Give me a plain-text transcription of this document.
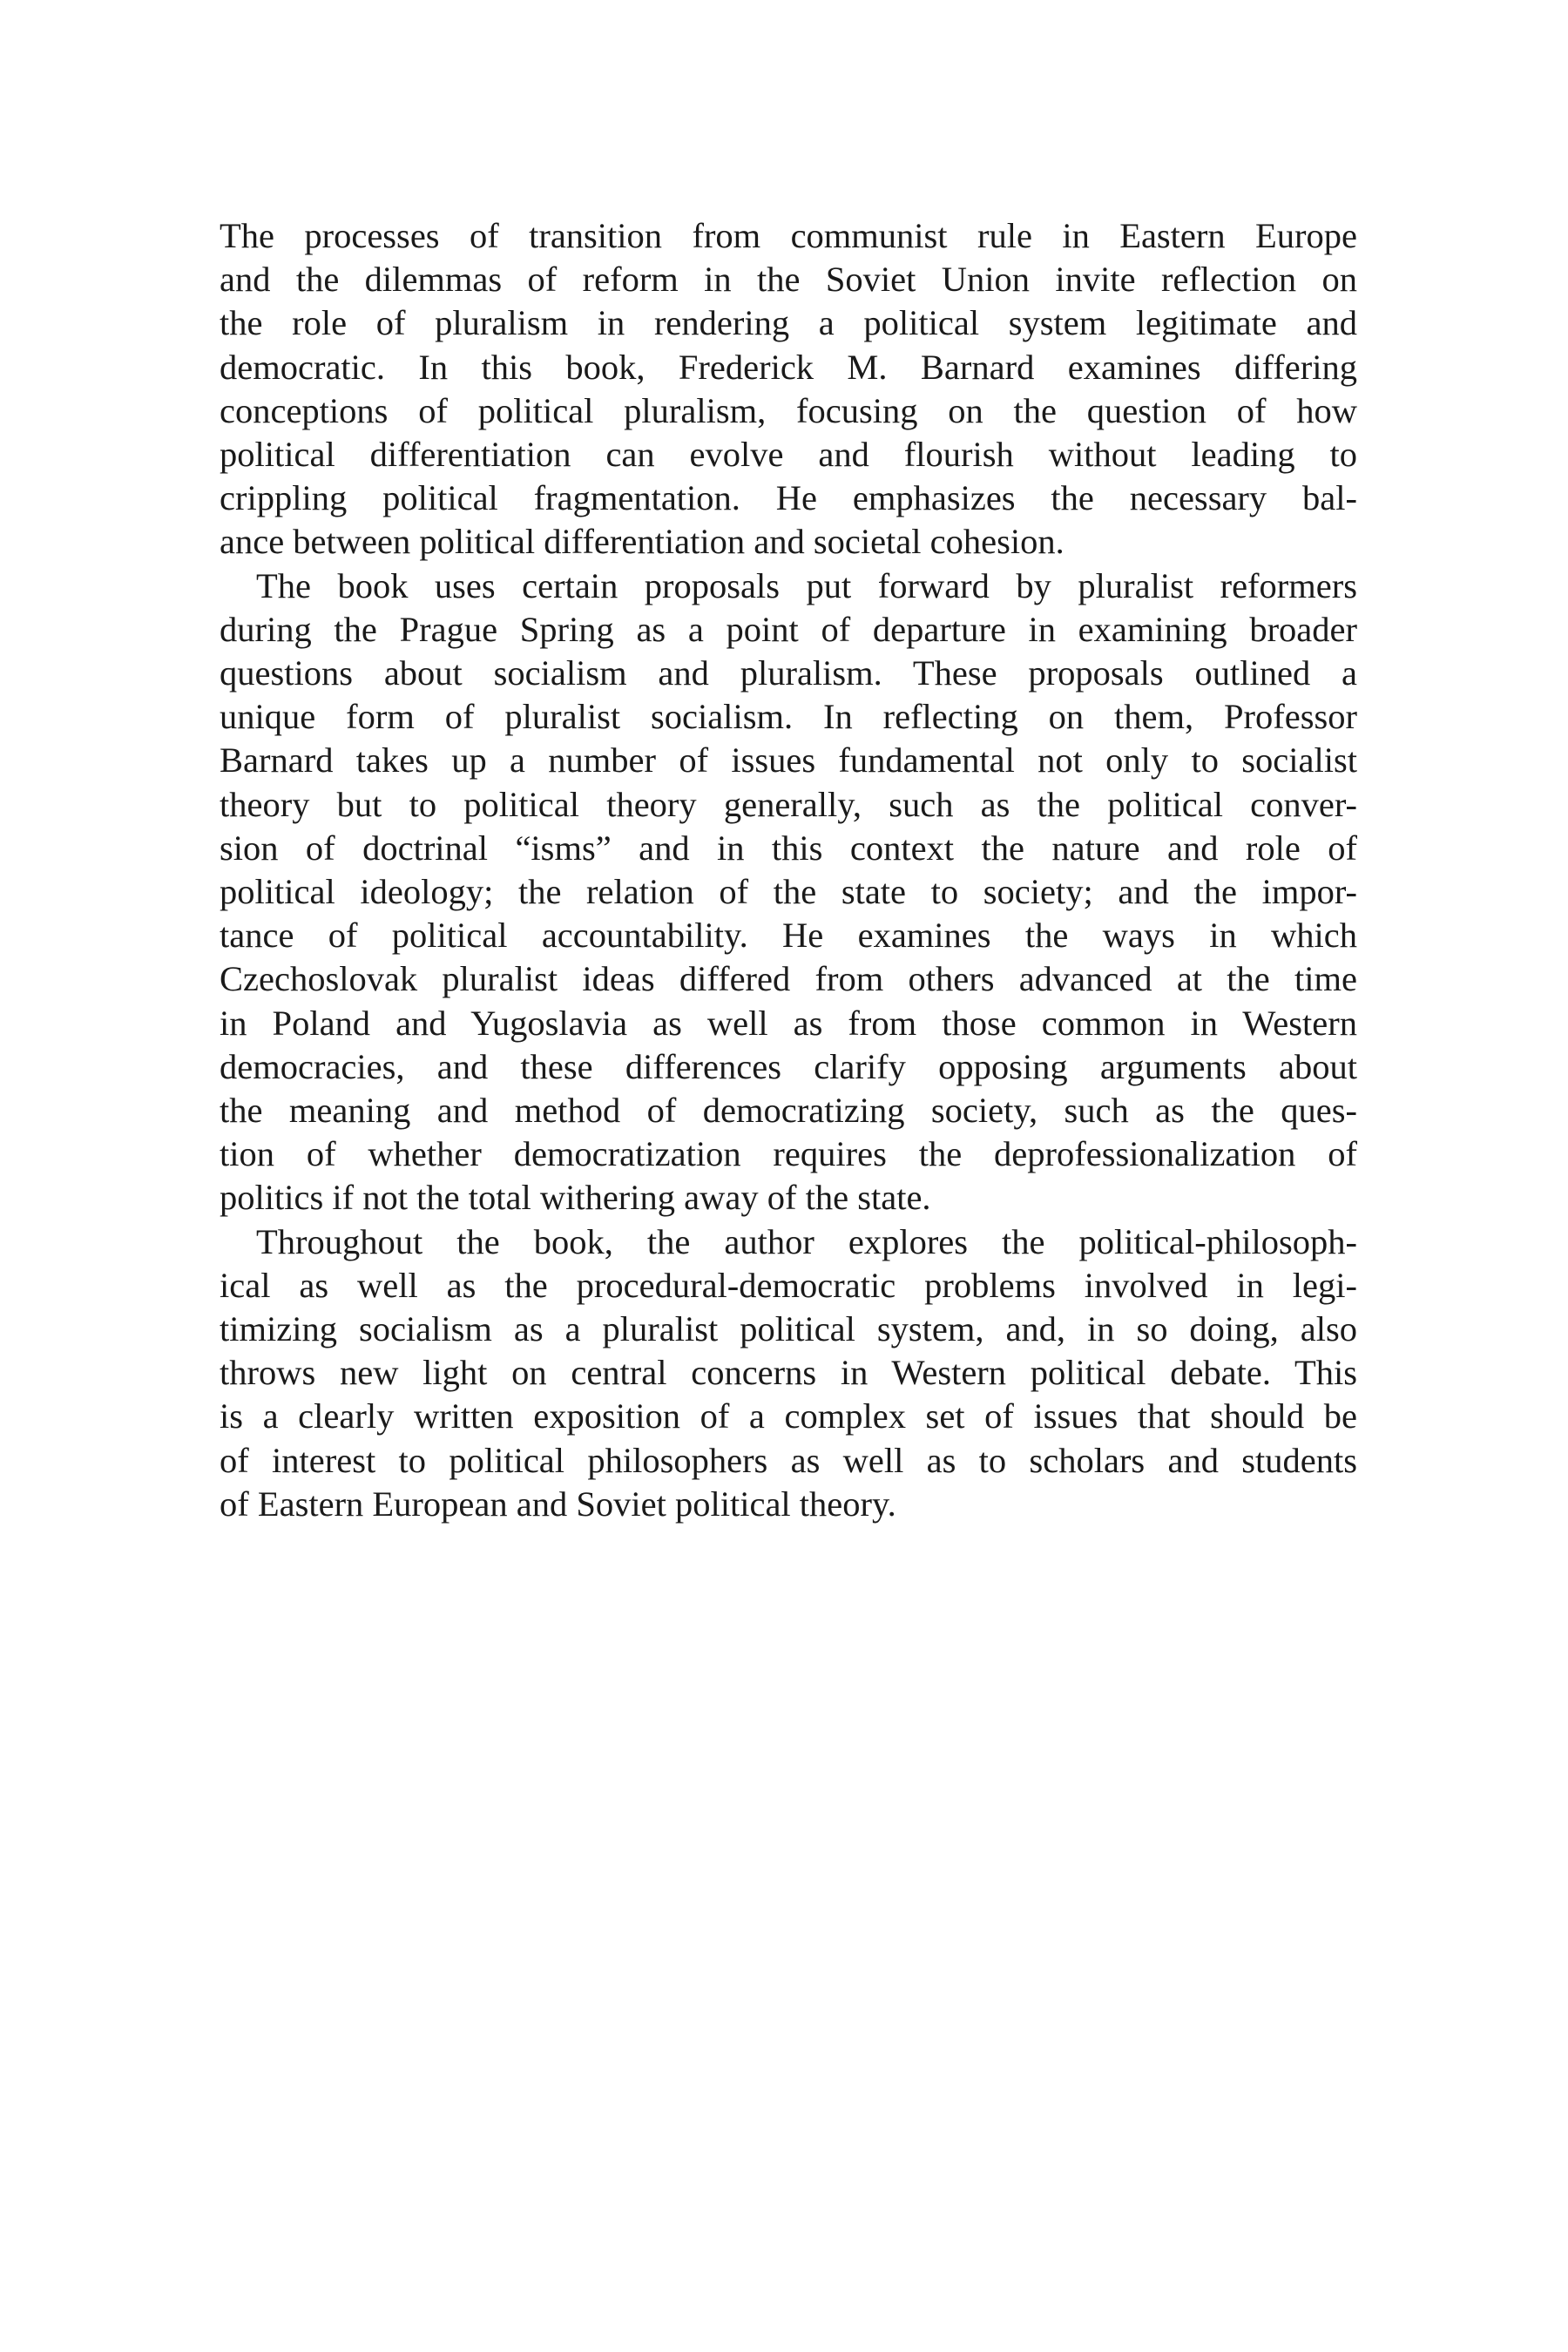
The processes of transition from communist rule in Eastern Europe
and the dilemmas of reform in the Soviet Union invite reflection on
the role of pluralism in rendering a political system legitimate and
democratic. In this book, Frederick M. Barnard examines differing
conceptions of political pluralism, focusing on the question of how
political differentiation can evolve and flourish without leading to
crippling political fragmentation. He emphasizes the necessary bal-
ance between political differentiation and societal cohesion.
The book uses certain proposals put forward by pluralist reformers
during the Prague Spring as a point of departure in examining broader
questions about socialism and pluralism. These proposals outlined a
unique form of pluralist socialism. In reflecting on them, Professor
Barnard takes up a number of issues fundamental not only to socialist
theory but to political theory generally, such as the political conver-
sion of doctrinal “isms” and in this context the nature and role of
political ideology; the relation of the state to society; and the impor-
tance of political accountability. He examines the ways in which
Czechoslovak pluralist ideas differed from others advanced at the time
in Poland and Yugoslavia as well as from those common in Western
democracies, and these differences clarify opposing arguments about
the meaning and method of democratizing society, such as the ques-
tion of whether democratization requires the deprofessionalization of
politics if not the total withering away of the state.
Throughout the book, the author explores the political-philosoph-
ical as well as the procedural-democratic problems involved in legi-
timizing socialism as a pluralist political system, and, in so doing, also
throws new light on central concerns in Western political debate. This
is a clearly written exposition of a complex set of issues that should be
of interest to political philosophers as well as to scholars and students
of Eastern European and Soviet political theory.
